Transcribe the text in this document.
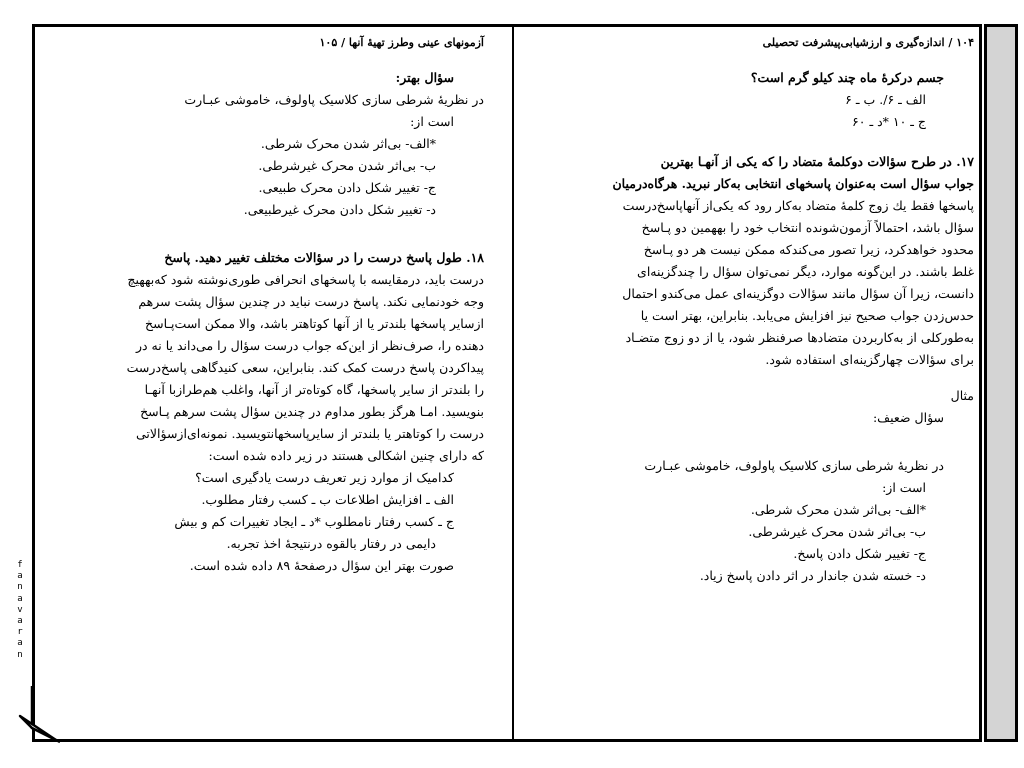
آزمونهای عینی وطرز تهیهٔ آنها / ۱۰۵

سؤال بهتر:

در نظریهٔ شرطی سازی کلاسیک پاولوف، خاموشی عبـارت

است از:

*الف- بی‌اثر شدن محرک شرطی.

ب- بی‌اثر شدن محرک غیرشرطی.

ج- تغییر شکل دادن محرک طبیعی.

د- تغییر شکل دادن محرک غیرطبیعی.

۱۸. طول پاسخ درست را در سؤالات مختلف تغییر دهید. پاسخ

درست باید، درمقایسه با پاسخهای انحرافی طوری‌نوشته شود که‌بههیچ

وجه خودنمایی نکند. پاسخ درست نباید در چندین سؤال پشت سرهم

ازسایر پاسخها بلندتر یا از آنها کوتاهتر باشد، والا ممکن است‌پـاسخ

دهنده را، صرف‌نظر از این‌که جواب درست سؤال را می‌داند یا نه در

پیداکردن پاسخ درست کمک کند. بنابراین، سعی کنیدگاهی پاسخ‌درست

را بلندتر از سایر پاسخها، گاه کوتاه‌تر از آنها، واغلب هم‌طرازبا آنهـا

بنویسید. امـا هرگز بطور مداوم در چندین سؤال پشت سرهم پـاسخ

درست را کوتاهتر یا بلندتر از سایرپاسخهانتویسید. نمونه‌ای‌ازسؤالاتی

که دارای چنین اشکالی هستند در زیر داده شده است:

کدامیک از موارد زیر تعریف درست یادگیری است؟

الف ـ افزایش اطلاعات ب ـ کسب رفتار مطلوب.

ج ـ کسب رفتار نامطلوب *د ـ ایجاد تغییرات کم و بیش

دایمی در رفتار بالقوه درنتیجهٔ اخذ تجربه.

صورت بهتر این سؤال درصفحهٔ ۸۹ داده شده است.

۱۰۴ / اندازه‌گیری و ارزشیابی‌پیشرفت تحصیلی

جسم درکرهٔ ماه چند کیلو گرم است؟

الف ـ ۶/. ب ـ ۶

ج ـ ۱۰ *د ـ ۶۰

۱۷. در طرح سؤالات دوکلمهٔ متضاد را که یکی از آنهـا بهترین

جواب سؤال است به‌عنوان پاسخهای انتخابی به‌کار نبرید. هرگاه‌درمیان

پاسخها فقط یك زوج کلمهٔ متضاد به‌کار رود که یکی‌از آنها‌پاسخ‌درست

سؤال باشد، احتمالاً آزمون‌شونده انتخاب خود را بههمین دو پـاسخ

محدود خواهدکرد، زیرا تصور می‌کندکه ممکن نیست هر دو پـاسخ

غلط باشند. در این‌گونه موارد، دیگر نمی‌توان سؤال را چندگزینه‌ای

دانست، زیرا آن سؤال مانند سؤالات دوگزینه‌ای عمل می‌کندو احتمال

حدس‌زدن جواب صحیح نیز افزایش می‌یابد. بنابراین، بهتر است یا

به‌طورکلی از به‌کاربردن متضادها صرفنظر شود، یا از دو زوج متضـاد

برای سؤالات چهارگزینه‌ای استفاده شود.

مثال

سؤال ضعیف:

در نظریهٔ شرطی سازی کلاسیک پاولوف، خاموشی عبـارت

است از:

*الف- بی‌اثر شدن محرک شرطی.

ب- بی‌اثر شدن محرک غیرشرطی.

ج- تغییر شکل دادن پاسخ.

د- خسته شدن جاندار در اثر دادن پاسخ زیاد.

f
a
n
a
v
a
r
a
n
